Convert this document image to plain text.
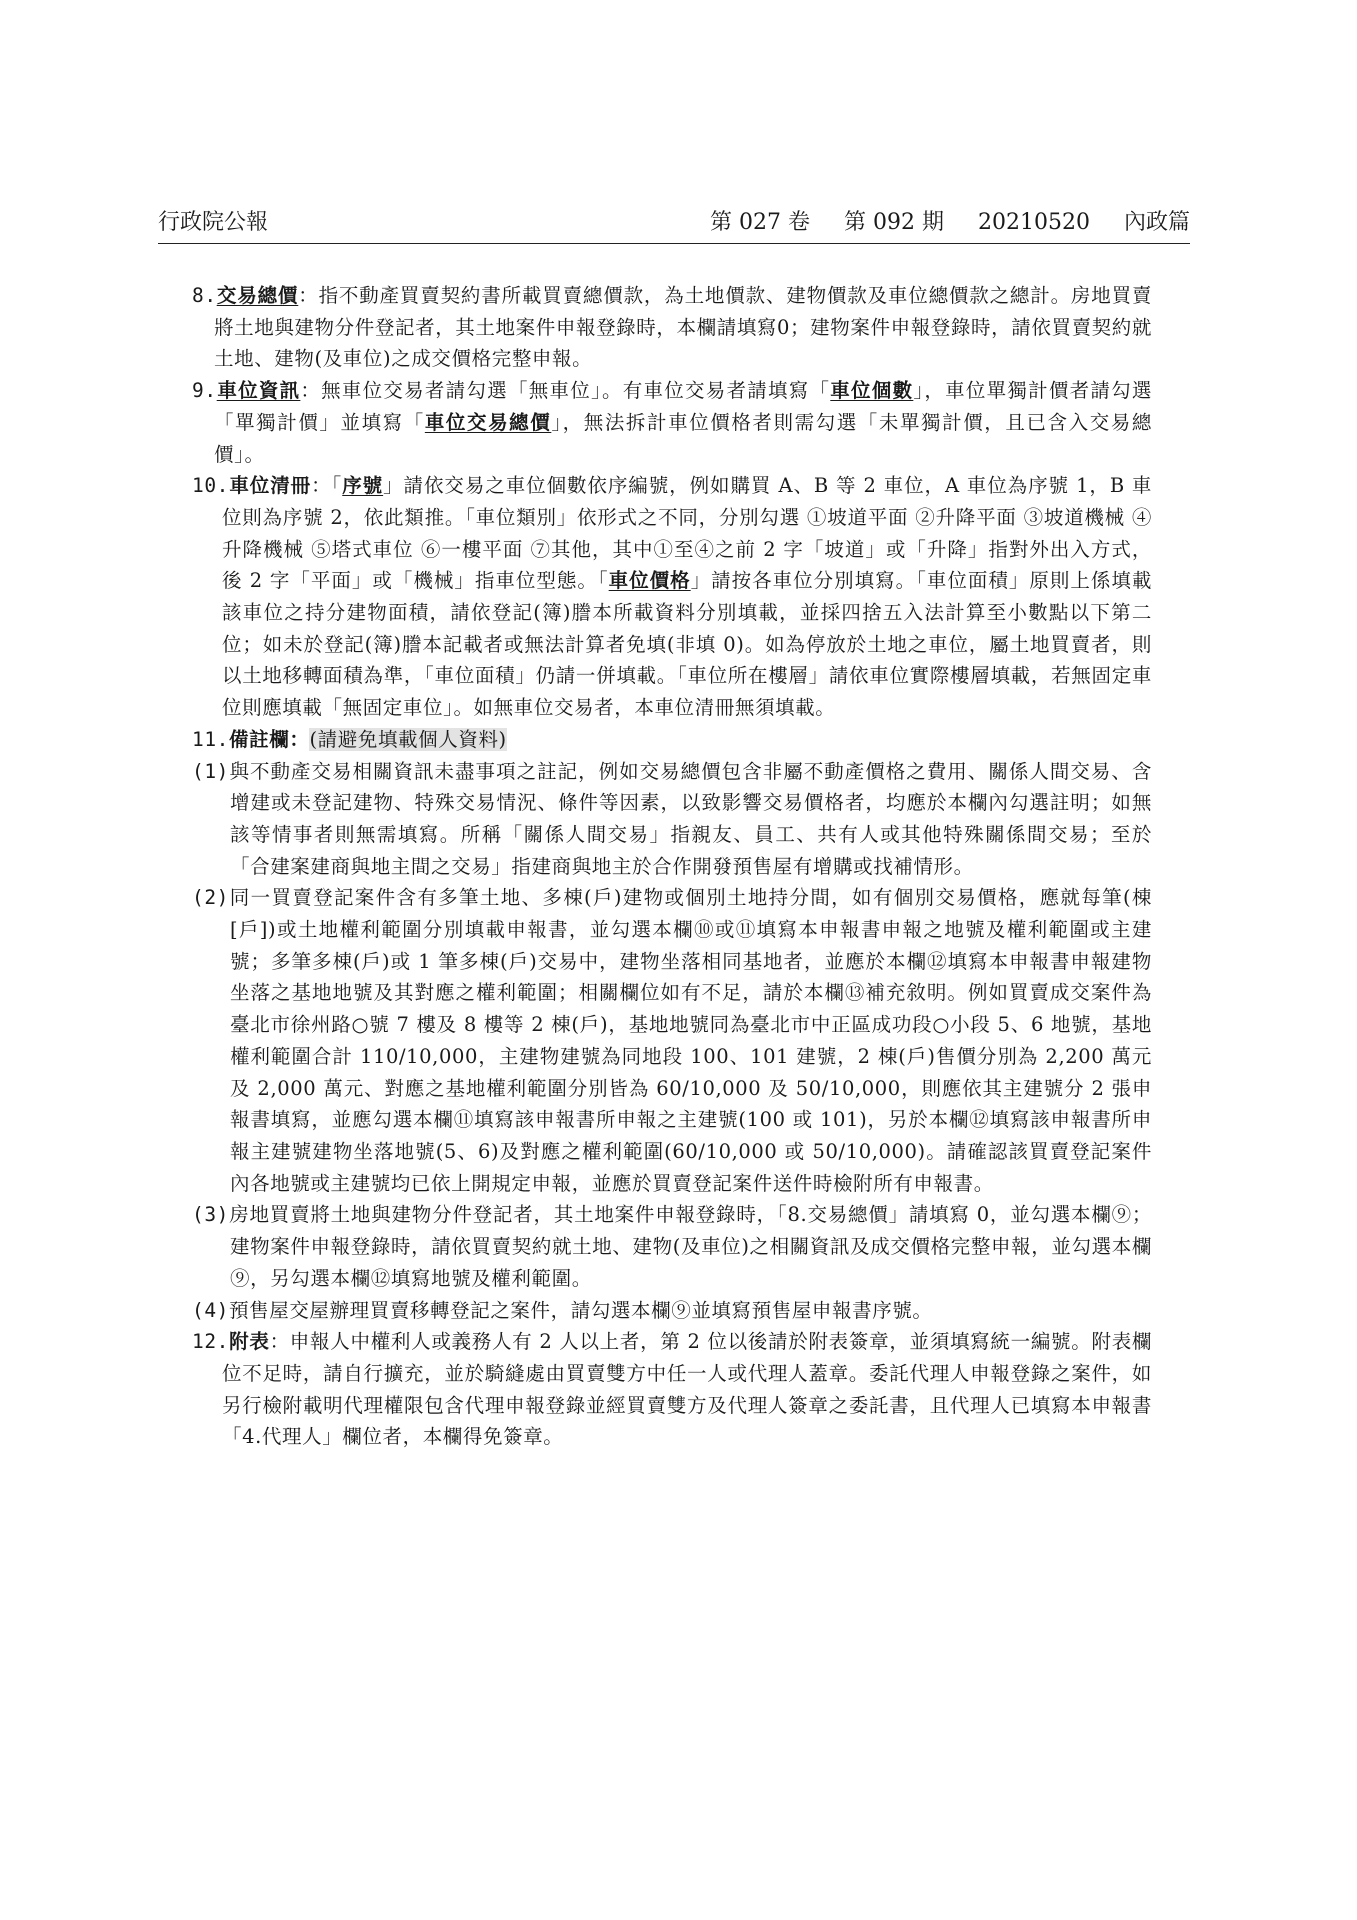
行政院公報	第 027 卷 第 092 期 20210520 內政篇

8.交易總價：指不動產買賣契約書所載買賣總價款，為土地價款、建物價款及車位總價款之總計。房地買賣將土地與建物分件登記者，其土地案件申報登錄時，本欄請填寫0；建物案件申報登錄時，請依買賣契約就土地、建物(及車位)之成交價格完整申報。

9.車位資訊：無車位交易者請勾選「無車位」。有車位交易者請填寫「車位個數」，車位單獨計價者請勾選「單獨計價」並填寫「車位交易總價」，無法拆計車位價格者則需勾選「未單獨計價，且已含入交易總價」。

10.車位清冊：「序號」請依交易之車位個數依序編號，例如購買 A、B 等 2 車位，A 車位為序號 1，B 車位則為序號 2，依此類推。「車位類別」依形式之不同，分別勾選 ①坡道平面 ②升降平面 ③坡道機械 ④升降機械 ⑤塔式車位 ⑥一樓平面 ⑦其他，其中①至④之前 2 字「坡道」或「升降」指對外出入方式，後 2 字「平面」或「機械」指車位型態。「車位價格」請按各車位分別填寫。「車位面積」原則上係填載該車位之持分建物面積，請依登記(簿)謄本所載資料分別填載，並採四捨五入法計算至小數點以下第二位；如未於登記(簿)謄本記載者或無法計算者免填(非填 0)。如為停放於土地之車位，屬土地買賣者，則以土地移轉面積為準，「車位面積」仍請一併填載。「車位所在樓層」請依車位實際樓層填載，若無固定車位則應填載「無固定車位」。如無車位交易者，本車位清冊無須填載。

11.備註欄：(請避免填載個人資料)

(1)與不動產交易相關資訊未盡事項之註記，例如交易總價包含非屬不動產價格之費用、關係人間交易、含增建或未登記建物、特殊交易情況、條件等因素，以致影響交易價格者，均應於本欄內勾選註明；如無該等情事者則無需填寫。所稱「關係人間交易」指親友、員工、共有人或其他特殊關係間交易；至於「合建案建商與地主間之交易」指建商與地主於合作開發預售屋有增購或找補情形。

(2)同一買賣登記案件含有多筆土地、多棟(戶)建物或個別土地持分間，如有個別交易價格，應就每筆(棟[戶])或土地權利範圍分別填載申報書，並勾選本欄⑩或⑪填寫本申報書申報之地號及權利範圍或主建號；多筆多棟(戶)或 1 筆多棟(戶)交易中，建物坐落相同基地者，並應於本欄⑫填寫本申報書申報建物坐落之基地地號及其對應之權利範圍；相關欄位如有不足，請於本欄⑬補充敘明。例如買賣成交案件為臺北市徐州路○號 7 樓及 8 樓等 2 棟(戶)，基地地號同為臺北市中正區成功段○小段 5、6 地號，基地權利範圍合計 110/10,000，主建物建號為同地段 100、101 建號，2 棟(戶)售價分別為 2,200 萬元及 2,000 萬元、對應之基地權利範圍分別皆為 60/10,000 及 50/10,000，則應依其主建號分 2 張申報書填寫，並應勾選本欄⑪填寫該申報書所申報之主建號(100 或 101)，另於本欄⑫填寫該申報書所申報主建號建物坐落地號(5、6)及對應之權利範圍(60/10,000 或 50/10,000)。請確認該買賣登記案件內各地號或主建號均已依上開規定申報，並應於買賣登記案件送件時檢附所有申報書。

(3)房地買賣將土地與建物分件登記者，其土地案件申報登錄時，「8.交易總價」請填寫 0，並勾選本欄⑨；建物案件申報登錄時，請依買賣契約就土地、建物(及車位)之相關資訊及成交價格完整申報，並勾選本欄⑨，另勾選本欄⑫填寫地號及權利範圍。

(4)預售屋交屋辦理買賣移轉登記之案件，請勾選本欄⑨並填寫預售屋申報書序號。

12.附表：申報人中權利人或義務人有 2 人以上者，第 2 位以後請於附表簽章，並須填寫統一編號。附表欄位不足時，請自行擴充，並於騎縫處由買賣雙方中任一人或代理人蓋章。委託代理人申報登錄之案件，如另行檢附載明代理權限包含代理申報登錄並經買賣雙方及代理人簽章之委託書，且代理人已填寫本申報書「4.代理人」欄位者，本欄得免簽章。
